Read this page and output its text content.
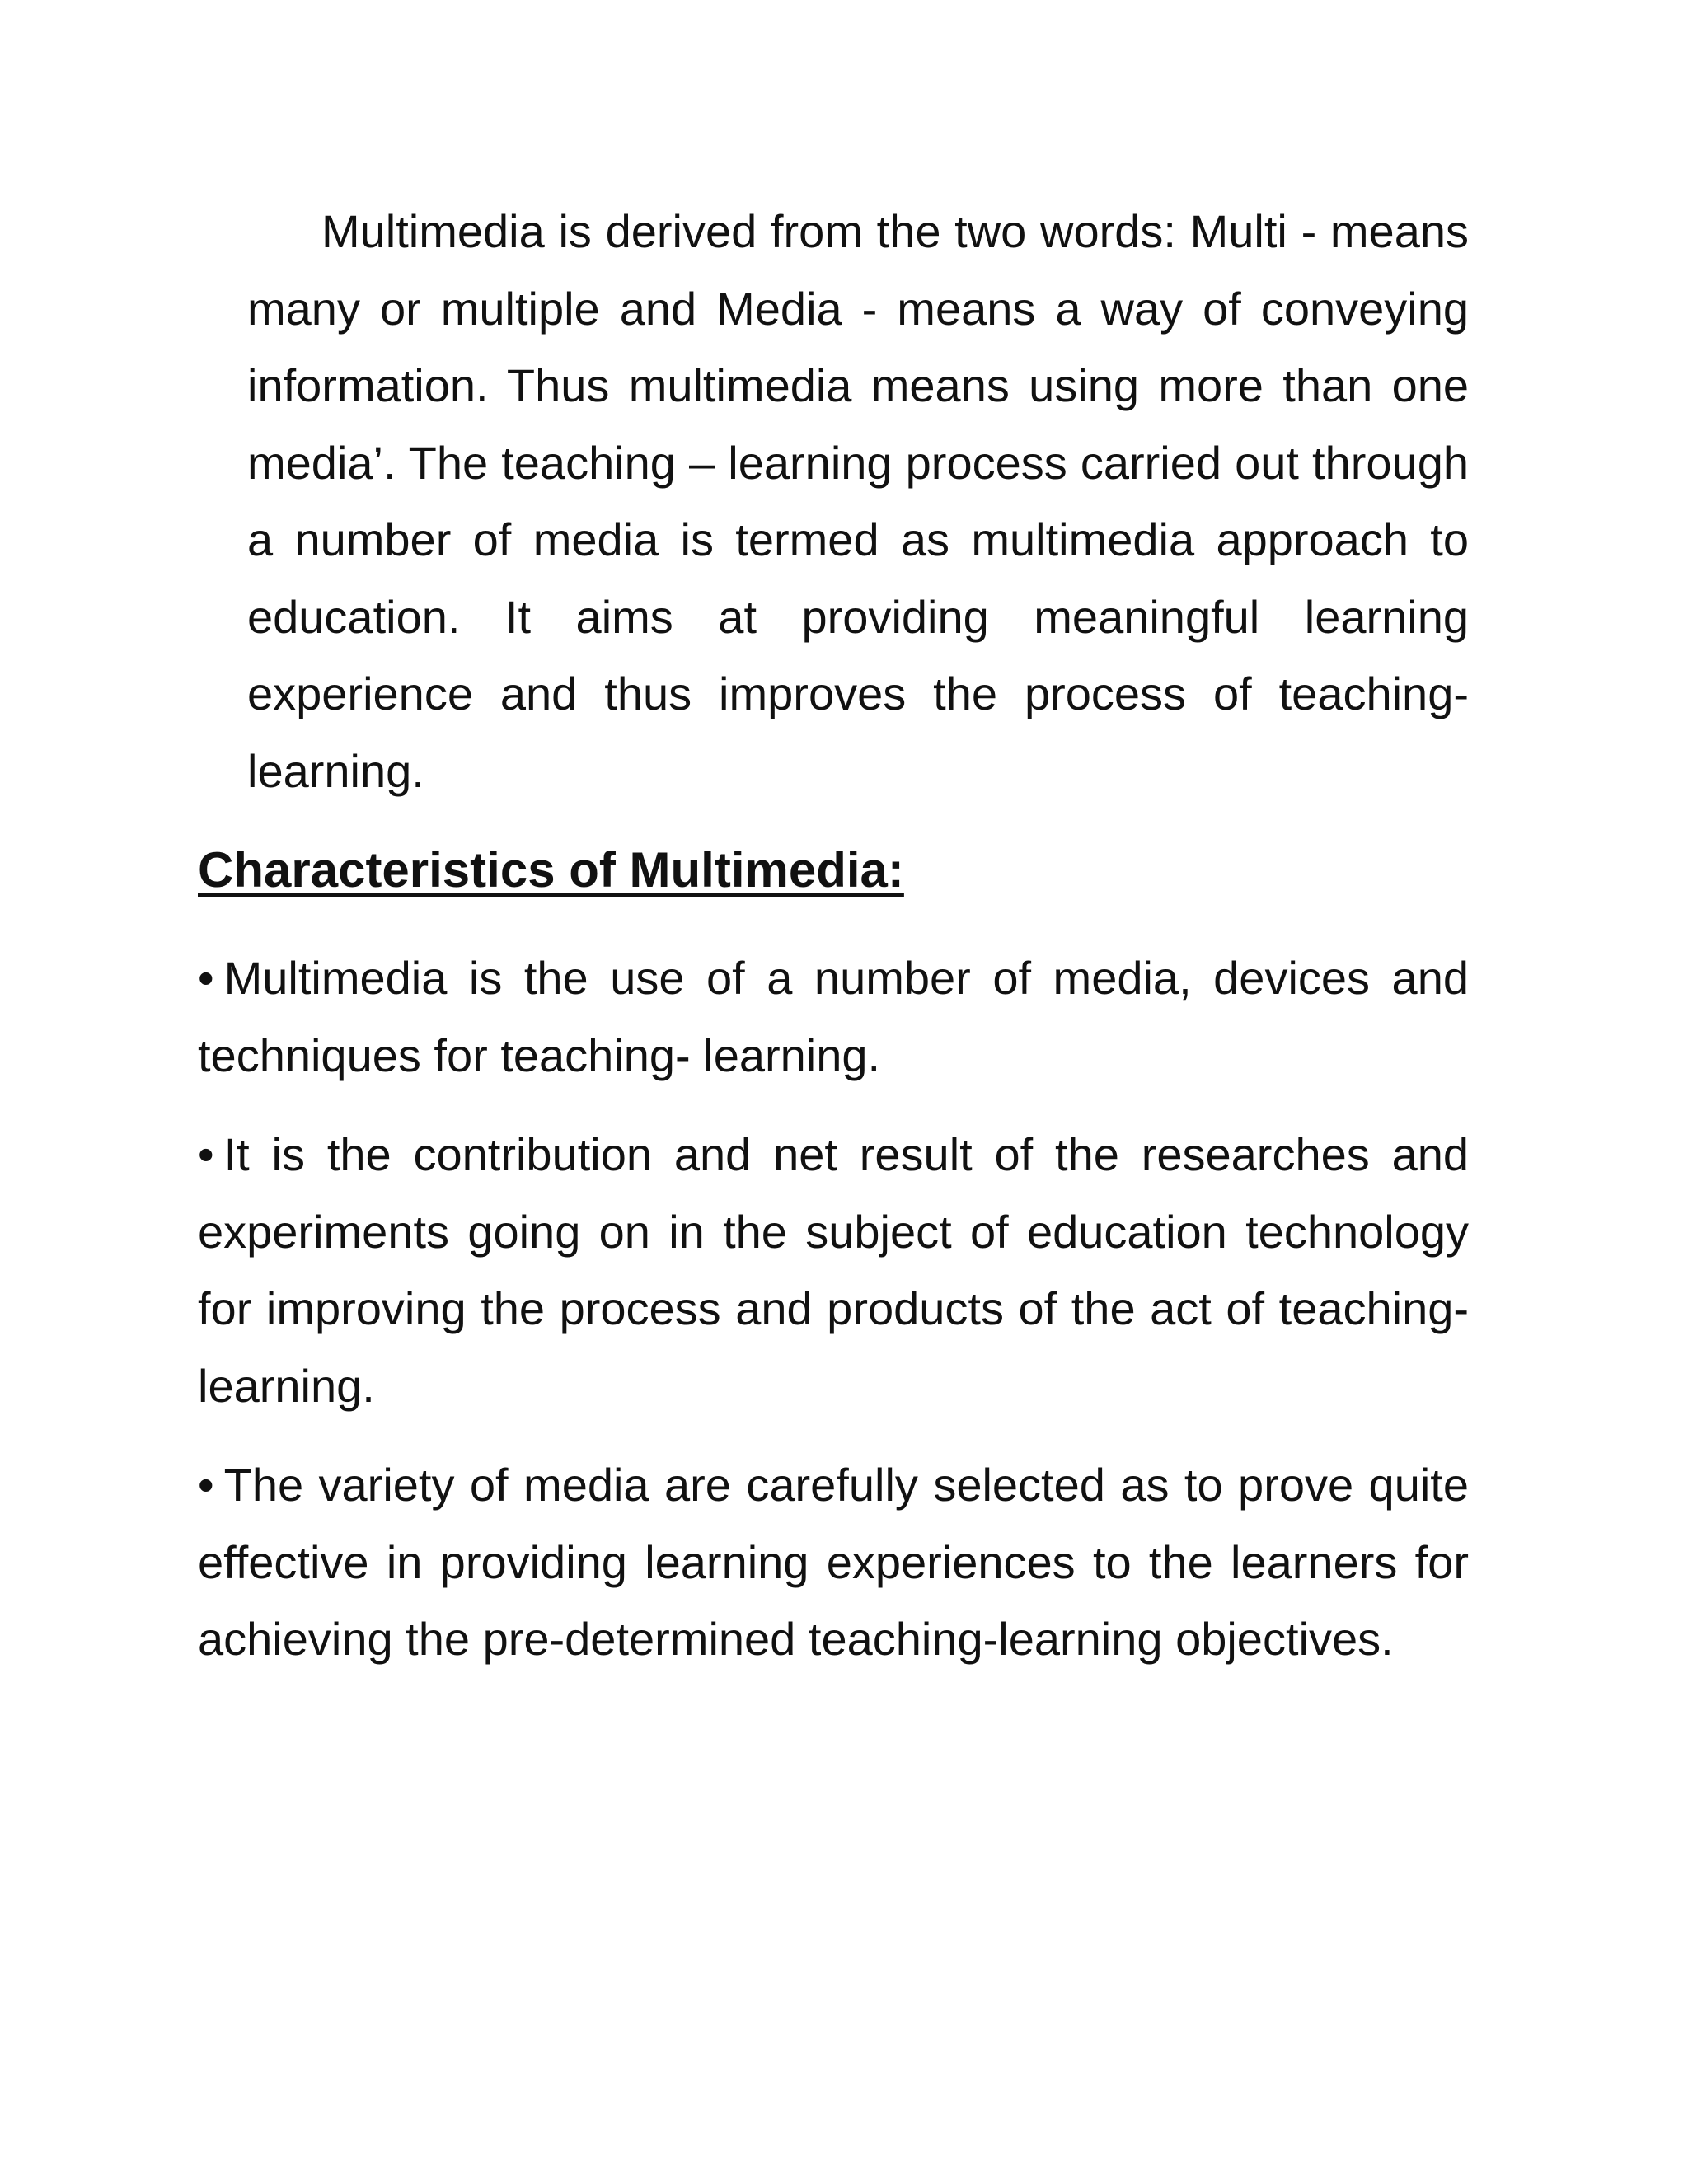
Multimedia is derived from the two words: Multi - means many or multiple and Media - means a way of conveying information. Thus multimedia means using more than one media’. The teaching – learning process carried out through a number of media is termed as multimedia approach to education. It aims at providing meaningful learning experience and thus improves the process of teaching- learning.

Characteristics of Multimedia:
• Multimedia is the use of a number of media, devices and techniques for teaching- learning.
• It is the contribution and net result of the researches and experiments going on in the subject of education technology for improving the process and products of the act of teaching-learning.
• The variety of media are carefully selected as to prove quite effective in providing learning experiences to the learners for achieving the pre-determined teaching-learning objectives.
